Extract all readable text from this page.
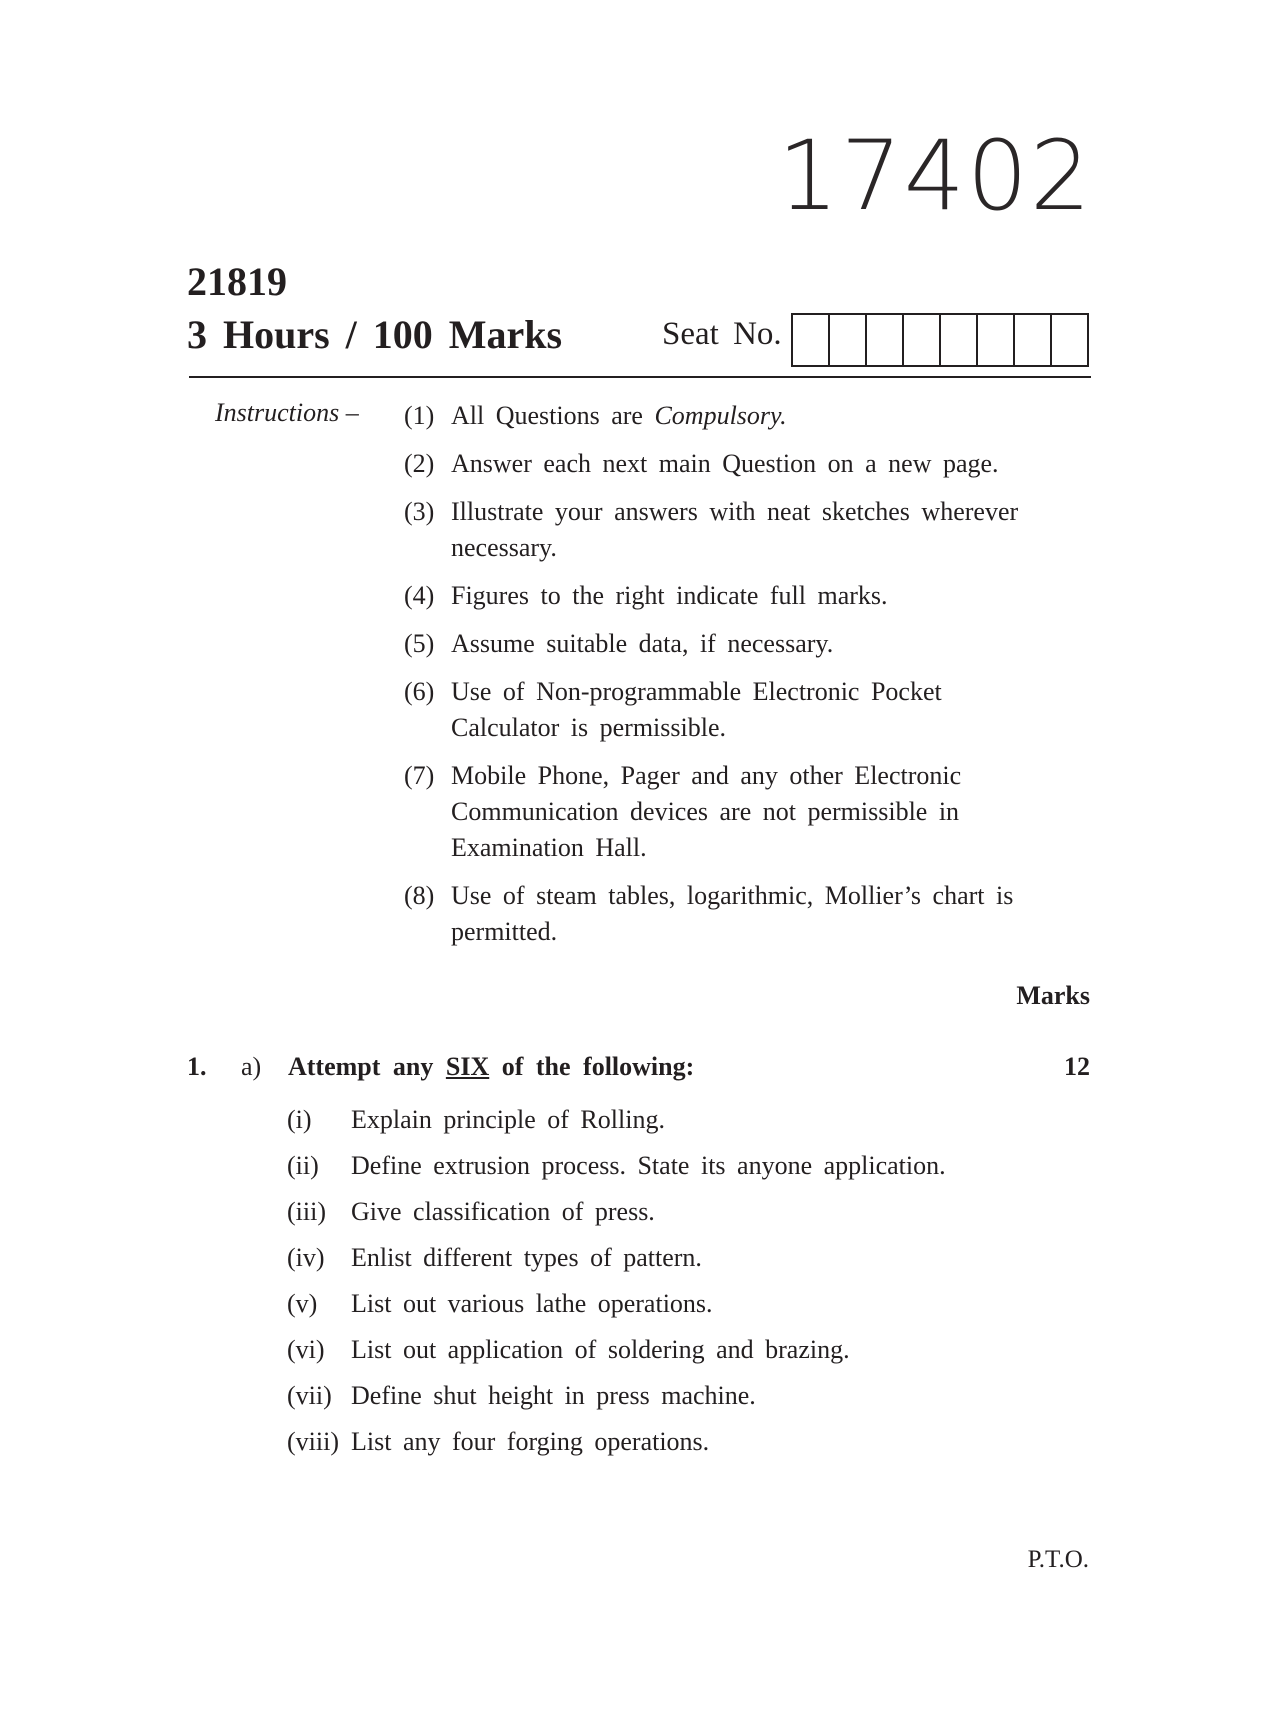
17402
21819
3 Hours / 100 Marks	Seat No.
Instructions – (1) All Questions are Compulsory.
(2) Answer each next main Question on a new page.
(3) Illustrate your answers with neat sketches wherever necessary.
(4) Figures to the right indicate full marks.
(5) Assume suitable data, if necessary.
(6) Use of Non-programmable Electronic Pocket Calculator is permissible.
(7) Mobile Phone, Pager and any other Electronic Communication devices are not permissible in Examination Hall.
(8) Use of steam tables, logarithmic, Mollier’s chart is permitted.
Marks
1. a) Attempt any SIX of the following:	12
(i)	Explain principle of Rolling.
(ii)	Define extrusion process. State its anyone application.
(iii) Give classification of press.
(iv)	Enlist different types of pattern.
(v)	List out various lathe operations.
(vi)	List out application of soldering and brazing.
(vii) Define shut height in press machine.
(viii) List any four forging operations.
P.T.O.
